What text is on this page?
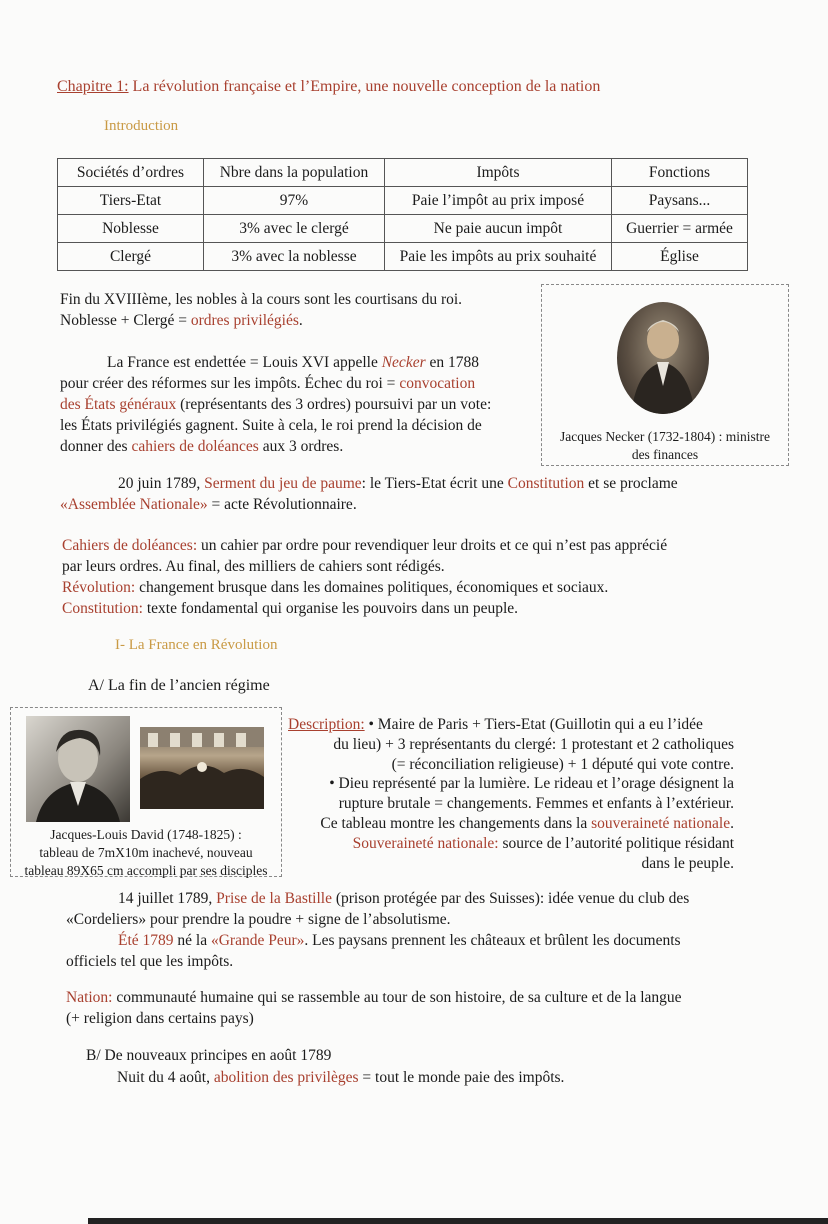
Chapitre 1: La révolution française et l’Empire, une nouvelle conception de la nation
Introduction
Sociétés d’ordres	Nbre dans la population	Impôts	Fonctions
Tiers-Etat	97%	Paie l’impôt au prix imposé	Paysans...
Noblesse	3% avec le clergé	Ne paie aucun impôt	Guerrier = armée
Clergé	3% avec la noblesse	Paie les impôts au prix souhaité	Église
Fin du XVIIIème, les nobles à la cours sont les courtisans du roi.
Noblesse + Clergé = ordres privilégiés.
La France est endettée = Louis XVI appelle Necker en 1788
pour créer des réformes sur les impôts. Échec du roi = convocation
des États généraux (représentants des 3 ordres) poursuivi par un vote:
les États privilégiés gagnent. Suite à cela, le roi prend la décision de
donner des cahiers de doléances aux 3 ordres.
Jacques Necker (1732-1804) : ministre
des finances
20 juin 1789, Serment du jeu de paume: le Tiers-Etat écrit une Constitution et se proclame
«Assemblée Nationale» = acte Révolutionnaire.
Cahiers de doléances: un cahier par ordre pour revendiquer leur droits et ce qui n’est pas apprécié
par leurs ordres. Au final, des milliers de cahiers sont rédigés.
Révolution: changement brusque dans les domaines politiques, économiques et sociaux.
Constitution: texte fondamental qui organise les pouvoirs dans un peuple.
I- La France en Révolution
A/ La fin de l’ancien régime
Jacques-Louis David (1748-1825) :
tableau de 7mX10m inachevé, nouveau
tableau 89X65 cm accompli par ses disciples
Description: • Maire de Paris + Tiers-Etat (Guillotin qui a eu l’idée
du lieu) + 3 représentants du clergé: 1 protestant et 2 catholiques
(= réconciliation religieuse) + 1 député qui vote contre.
• Dieu représenté par la lumière. Le rideau et l’orage désignent la
rupture brutale = changements. Femmes et enfants à l’extérieur.
Ce tableau montre les changements dans la souveraineté nationale.
Souveraineté nationale: source de l’autorité politique résidant
dans le peuple.
14 juillet 1789, Prise de la Bastille (prison protégée par des Suisses): idée venue du club des
«Cordeliers» pour prendre la poudre + signe de l’absolutisme.
Été 1789 né la «Grande Peur». Les paysans prennent les châteaux et brûlent les documents
officiels tel que les impôts.
Nation: communauté humaine qui se rassemble au tour de son histoire, de sa culture et de la langue
(+ religion dans certains pays)
B/ De nouveaux principes en août 1789
Nuit du 4 août, abolition des privilèges = tout le monde paie des impôts.
